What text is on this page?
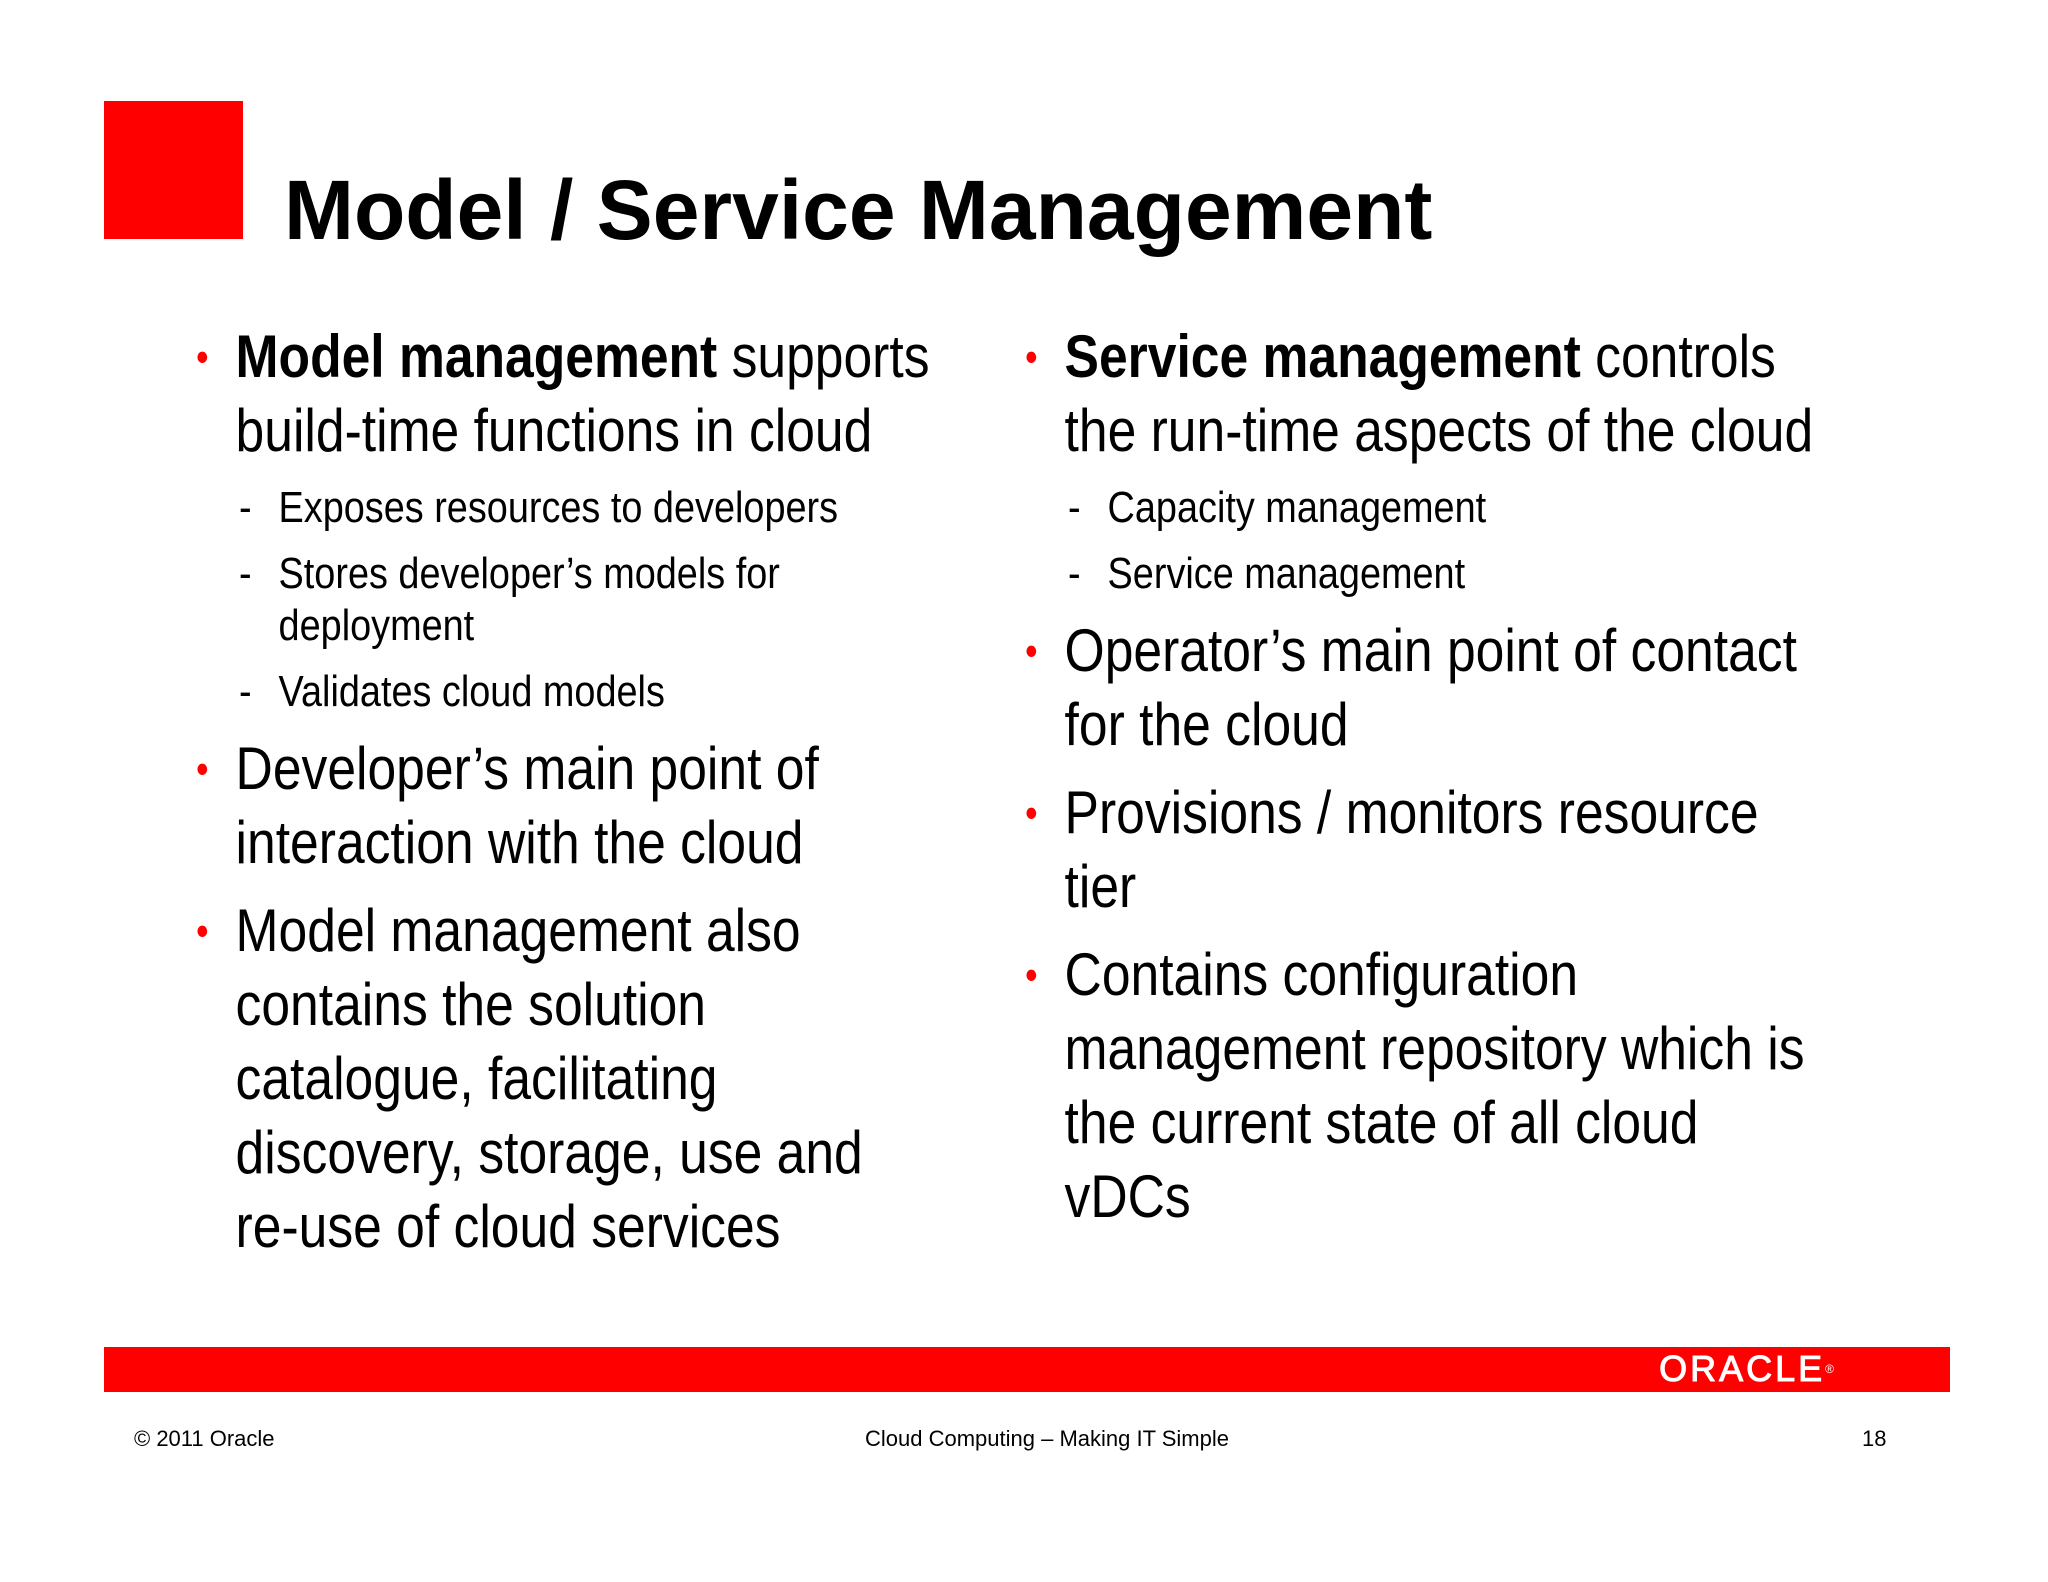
Model / Service Management
• Model management supports build-time functions in cloud
- Exposes resources to developers
- Stores developer’s models for deployment
- Validates cloud models
• Developer’s main point of interaction with the cloud
• Model management also contains the solution catalogue, facilitating discovery, storage, use and re-use of cloud services
• Service management controls the run-time aspects of the cloud
- Capacity management
- Service management
• Operator’s main point of contact for the cloud
• Provisions / monitors resource tier
• Contains configuration management repository which is the current state of all cloud vDCs
ORACLE®
© 2011 Oracle	Cloud Computing – Making IT Simple	18
